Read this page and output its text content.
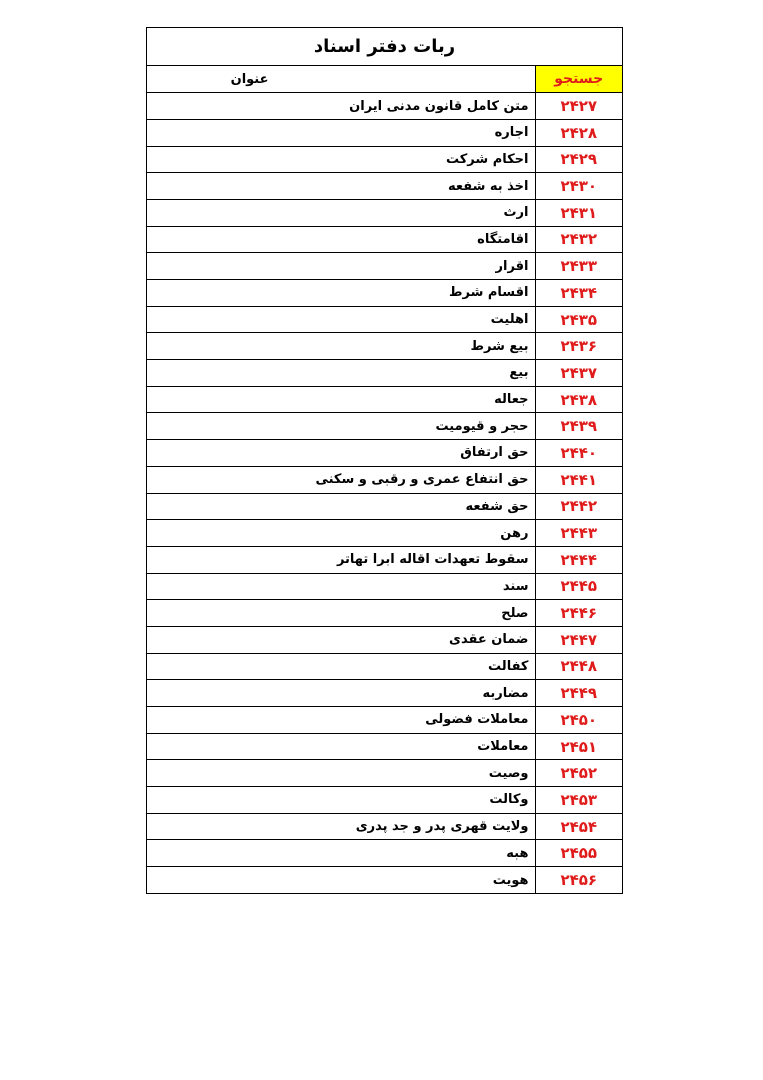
ربات دفتر اسناد
جستجو	عنوان
۲۴۲۷	متن کامل قانون مدنی ایران
۲۴۲۸	اجاره
۲۴۲۹	احکام شرکت
۲۴۳۰	اخذ به شفعه
۲۴۳۱	ارث
۲۴۳۲	اقامتگاه
۲۴۳۳	اقرار
۲۴۳۴	اقسام شرط
۲۴۳۵	اهلیت
۲۴۳۶	بیع شرط
۲۴۳۷	بیع
۲۴۳۸	جعاله
۲۴۳۹	حجر و قیومیت
۲۴۴۰	حق ارتفاق
۲۴۴۱	حق انتفاع عمری و رقبی و سکنی
۲۴۴۲	حق شفعه
۲۴۴۳	رهن
۲۴۴۴	سقوط تعهدات اقاله ابرا تهاتر
۲۴۴۵	سند
۲۴۴۶	صلح
۲۴۴۷	ضمان عقدی
۲۴۴۸	کفالت
۲۴۴۹	مضاربه
۲۴۵۰	معاملات فضولی
۲۴۵۱	معاملات
۲۴۵۲	وصیت
۲۴۵۳	وکالت
۲۴۵۴	ولایت قهری پدر و جد پدری
۲۴۵۵	هبه
۲۴۵۶	هویت
